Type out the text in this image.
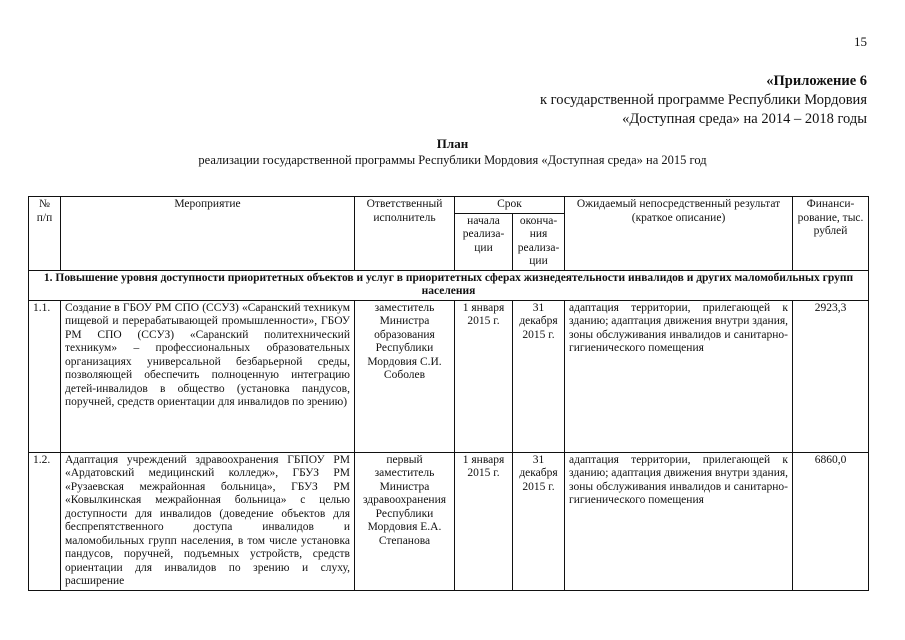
15
«Приложение 6
к государственной программе Республики Мордовия
«Доступная среда» на 2014 – 2018 годы
План
реализации государственной программы Республики Мордовия «Доступная среда» на 2015 год
№ п/п	Мероприятие	Ответственный исполнитель	Срок		Ожидаемый непосредственный результат (краткое описание)	Финанси-рование, тыс. рублей
			начала реализа-ции	оконча-ния реализа-ции		
1. Повышение уровня доступности приоритетных объектов и услуг в приоритетных сферах жизнедеятельности инвалидов и других маломобильных групп населения						
1.1.	Создание в ГБОУ РМ СПО (ССУЗ) «Саранский техникум пищевой и перерабатывающей промышленности», ГБОУ РМ СПО (ССУЗ) «Саранский политехнический техникум» – профессиональных образовательных организациях универсальной безбарьерной среды, позволяющей обеспечить полноценную интеграцию детей-инвалидов в общество (установка пандусов, поручней, средств ориентации для инвалидов по зрению)	заместитель Министра образования Республики Мордовия С.И. Соболев	1 января 2015 г.	31 декабря 2015 г.	адаптация территории, прилегающей к зданию; адаптация движения внутри здания, зоны обслуживания инвалидов и санитарно-гигиенического помещения	2923,3
1.2.	Адаптация учреждений здравоохранения ГБПОУ РМ «Ардатовский медицинский колледж», ГБУЗ РМ «Рузаевская межрайонная больница», ГБУЗ РМ «Ковылкинская межрайонная больница» с целью доступности для инвалидов (доведение объектов для беспрепятственного доступа инвалидов и маломобильных групп населения, в том числе установка пандусов, поручней, подъемных устройств, средств ориентации для инвалидов по зрению и слуху, расширение	первый заместитель Министра здравоохранения Республики Мордовия Е.А. Степанова	1 января 2015 г.	31 декабря 2015 г.	адаптация территории, прилегающей к зданию; адаптация движения внутри здания, зоны обслуживания инвалидов и санитарно-гигиенического помещения	6860,0
